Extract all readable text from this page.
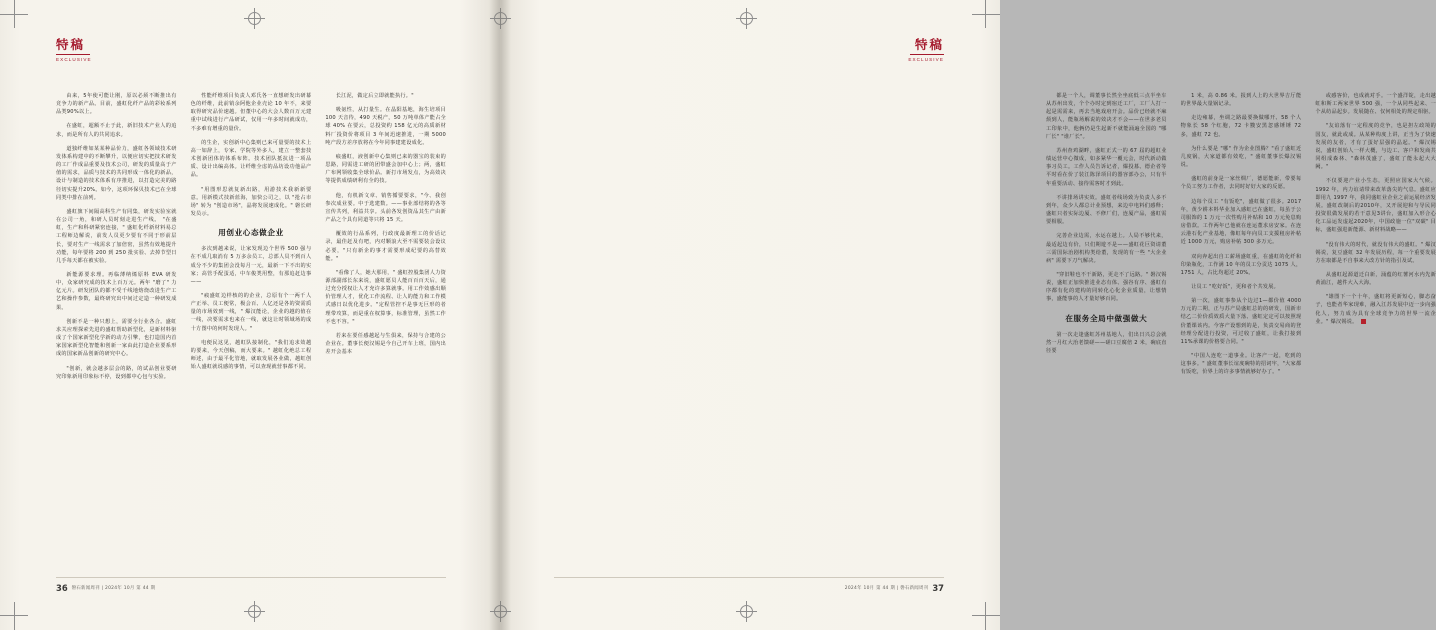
特稿
EXCLUSIVE

由来，5年使可能让刚，原以必须不断推出有竞争力的新产品。目前，盛虹化纤产品的彩妆系列品类90%以上。

在盛虹，超额不止于此，新旧技术产业人的追求，而是所有人的共同追求。

道独纤维如某某种品价力，盛虹各领域技术研发体系构建中的不断攀升，以便应切实把技术研发的工厂作成品重要及技术公司，研发的质量高于产值的需求，品质与技术的共同形成一体化的新品，设计与制造的技术体系有序推进，以打造完美的路径切实提升20%。如今，这项环保贝技术已在全球同类中排在前列。

盛虹旗下间隔高科生产有同集，研发实验室就在公司一角，和研人员时刻走进生产线。 "在盛虹，生产和科研紧密连接，" 盛虹化纤新材料易总工程师边解说，前发人员更少要有不同于形前层长，要对生产一线需求了加倍密，虽然有效地提升功能，每年要将 200 到 250 批实验、去掉节型日几手每天都在被实验。

新能源要求理。再临薄纳烯原料 EVA 研发中，众家研究成的技术上百万元。两年 "磨了" 力亿元片。研发团队的都不受千线地熔烧改进生产工艺和操作参数，最终研究出中间过定造一种研发成果。

创新不是一种只想上，需要全行业各合。盛虹求关应理探索先进的盛虹帮助新型化，是新材料驱成了个国家新型化学新的动力引擎，也打造国内首家国家新型化智能和创新一家由此打造企业要系形成的国家新品创新的研究中心。

"创新，就会越多层会的路，的试品创业要研究印象新用印象标不停，设到都中心包与实验。

性能纤维项目负责人邓氏各一直想研发出研幕色的纤维，此前销余阿他企业壳论 10 年不，来要取得研究品价速越。但董中心的大会人数百万元建重中试线进行产品研试，仅用一年多时间就成功，不多难有增重的量价。

的生企，实创新中心集则已来可量要的技术上高一如辞上，专家、学院等外多人，建立一整套技术创新团体的体系布阵。技术团队抵抗进一项品质、设计出编高体。让纤维全虑的品坊设功他品产品。

"用图形思就复新出路，用游技术我新新要意。用新模式技新蓝海，加快公司之，以 "抢占市场" 转为 "创造市场"，晶将发展速成化。" 磐长研发员示。

用创业心态做企业

多次到越来说，让家发现边个世界 500 强与在不成几取消有 5 万多余员工，总部人员不到百人成分不少的集团会没每月一元，最新一下不出的实家；高管手配蛋适，中车俊类用整，有那追赶边事——

"瘊盛虹边样核的的企业，总原有个一两千人产正举、员工便常，极会百、人亿还是各的资需质量的市场效到一线，" 爆汉能论，企业的越的值在一线，决要需求也来在一线，就这让时领域场的成十方图中的何时发现人。"

电便民这见，越虹队接制化，"我们追求效越的要来，今天创稿，而大要来。" 越虹化绝总工程师述，由于最平化管地，就取发展各业做，越虹创始人盛虹就说感的事情，可以查现就营事都不同。

长江泥，做定后立即就能执行。"

吸氨性，从打量生。在晶阳基地，海生培项目 100 天音待，490 天税产，50 万吨单体产能占全球 40% 在要云，总投资约 158 亿元的高质新材料厂投资价将项目 3 年间迅速推进，一期 5000 吨产段方差序放将在今年同事建建设成化。

瘊盛虹，液创新中心集则已来的器宝的装束的思路，同需进工研的团带盛会加中心上；两，盛虹广布网领收集全球价品。新打市场发点，为高效决等提供成绩研利有全的技。

他，有机新文章、销售循要要求，"今、我创参次成业要。中于选建数。——事业部结将的各等宣传共列，利益共享。头前各发创资品其生产由新产品之个具有同道等只将 15 天。

覆效的行品系列，行政度最新理工的价话记录，最佳赶及有吧，内对颗浪大至不需要装会设议必要，"只有新企的事才需要形成纪要的高替效能。"

"看像了人，她大那用，" 盛虹控股集团人力资源部副部长东来说，盛虹愿员人能百百百天后，通过充分授权让人才充许多算就事。用工作效感出顺价管理人才，优化工作流程、让人的能力和工作模式感日以优化进步。"定程管控不是事无巨形的者理带攻算，而是重在权算事，标准管理，虽然工作不也不容。"

若来在要任感越起与生俱来，保持与合建的公企业在。董事长便汉锡是今自己开车上班，国内出差开会基本

36 磐石新闻周刊 | 2024年 10月 第 44 期
特稿
EXCLUSIVE

都是一个人，调董事长然全坐底低三点半坐车从苏州出发，个个办时定到宿迁工厂，工厂人打一起是需需来，再去当地戏府开会。品价已经就不麻烦到人，能瓶场解说的效决才不会——在世多老员工印象中，他俩仍是生起新不就能涌遍全国的 "哪厂长" "谁厂长"。

苏州查鸡湖畔，盛虹正式一的 67 届的超虹业绩运营中心微成，如多紧华一覆元会，时代新动做事习员工。工作人员告诉记者，爆投募、德企者等平时看在价了装江陈泽项目的器容部办公，只有半年重要活动、接待需客时才到此。

不讲排场讲实效。盛虹者线场致为负责人多不到年，众少人都总计业预想，来边中电料们感释；盛虹只者实际边厦、不修厂们，连厦产品，盛虹需要相服。

完善企业边需，水运在越上。人局不够代来，最适起边有价，只们期遊不是——盛虹花巨资请董三需国际治剧机构类给董，发现的有一些 "大企业病" 需要下刀气解决。

"穿旧鞋也不干新路，更走不了远路。" 磐汉锡说，盛虹正加快推进业态有体、强谷有序、盛虹有序都有化的建构的同转化心化企业质量，让想情事，盛能事的人才量好够百同。

在服务全局中做强做大

第一次走逢盛虹苏州基地人，们出日兴总会就然一月红大治老馈磋——磋口豆腐倍 2 米，碗底直径要

1 米，高 0.86 米。报到人上的大世界吉厅能的世界最大量锅记录。

走边雍幕，坐调之路最要换做哪开、58 个人物象长 58 个红胞，72 卡黢安黑忽感锤锤 72 多，盛虹 72 也。

为什么要是 "哪" 作为企业图腾？"看了盛虹近几度锅，大家道都有效吃，" 盛虹董事长爆汉锡说。

盛虹的前身是一家丝绸厂，德愿能新，带要每个员工努力工作者，去同时好好大家的反愿。

边每个员工 "有饭吃"，盛虹做了很多。2017 年，黄少耕本料华业加入感虹已在盛虹，每虽于公司服饰的 1 万元一次性购月补贴和 10 万元免息购房借款。工作两年已他就在连运董求房安家。在连云港石化产业基地，像虹每年向员工支援租房补帖近 1000 万元，购房补帖 300 多万元。

双向奔起出自工薪场盛虹重，在盛虹的化纤和印染瓶化，工作满 10 年的员工分贡达 1075 人，1751 人，占比均超过 20%。

让员工 "吃好饭"，更和者个共发展。

第一次，盛虹事参从个边过1—都价值 4000 万元的二期，正与苏产局盛虹总的的研发，国新市结乙二价价质效质大量下落、盛虹定定可以按照现价董课该内。今客产设想到的是，负责交易商的登经理分配进行投资，可过收了盛虹，让我打接到11%承课的价格要合同。"

"中国人连吃一道事业。让客产一起，吃到的这事多。" 盛虹董事长谊度碗特的招词牢，"大家都有饭吃，价界上的许多事情就够好办了。"

或感客价，也成就对手。一个盛洋锭，走出越虹和斯工两家世界 500 强，一个从同些起来、一个从纺品起步。发展随在、仅何相处的规定相驱。

"友谊落有一定程度的竞争，也是担左政境的国友，就此或成。从某种构度上讲，正当为了快速发展的友者，才有了蛋好层强的晶起。" 爆汉锡说，盛虹创始人一样大概，与边工、客户和发商共同组成森林、"森林茂盛了，盛虹了能永起大大阙。"

不仅要迎产业小生态，更照应国家大气候。1992 年，内力谊请带来改革落尖的气息。盛虹应即用九 1997 年，我同盛虹业企业之前运展经济发展。盛虹改制后的2010年，又开展迎和与导民同投资很做发展的若干意见3讲台，盛虹加入形合心化工品运发虚起2020年，中国政施一位"双碳" 目标，盛虹强进新能源、新材料战略——

"没有伟大的时代，就没有伟大的盛虹。" 爆汉锡说，复豆盛虹 32 年发展历程，每一个重要发展方在取都是不自事来大改方针的指引及试。

从盛虹起源道迁白新，涌蕴的红薯河水内先新黄浦江，越件大入大海。

"雄图下一个十年，盛虹将更新短心，脚态奋子，也能者华家现难，融入江苏发展中迈一步向强化人，努力成为具有全球竞争力的世界一流企业。" 爆汉锡说。

2024年 10月 第 44 期 | 磐石新闻周刊 37
